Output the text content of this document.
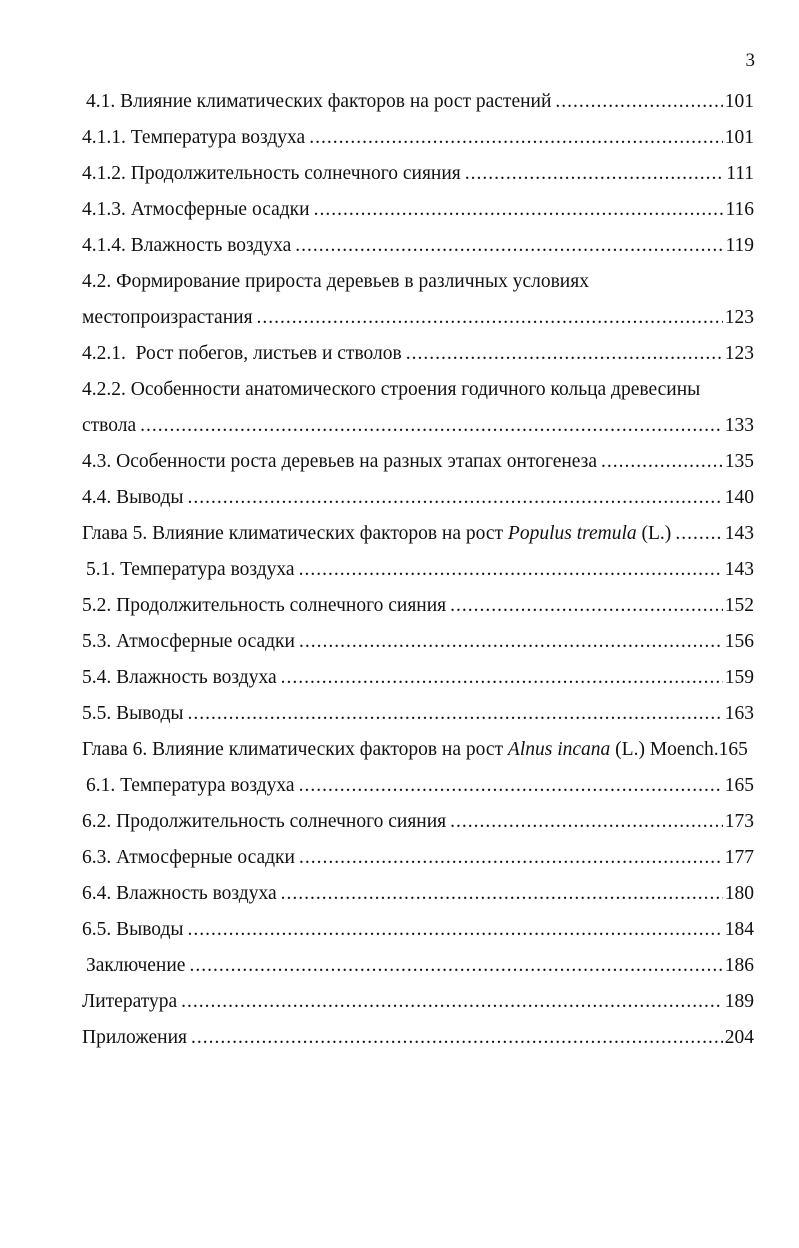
3
4.1. Влияние климатических факторов на рост растений .....	101
4.1.1. Температура воздуха .....	101
4.1.2. Продолжительность солнечного сияния .....	111
4.1.3. Атмосферные осадки .....	116
4.1.4. Влажность воздуха .....	119
4.2. Формирование прироста деревьев в различных условиях
местопроизрастания .....	123
4.2.1.  Рост побегов, листьев и стволов .....	123
4.2.2. Особенности анатомического строения годичного кольца древесины
ствола .....	133
4.3. Особенности роста деревьев на разных этапах онтогенеза .....	135
4.4. Выводы .....	140
Глава 5. Влияние климатических факторов на рост Populus tremula (L.) .....	143
5.1. Температура воздуха .....	143
5.2. Продолжительность солнечного сияния .....	152
5.3. Атмосферные осадки .....	156
5.4. Влажность воздуха .....	159
5.5. Выводы .....	163
Глава 6. Влияние климатических факторов на рост Alnus incana (L.) Moench. 165
6.1. Температура воздуха .....	165
6.2. Продолжительность солнечного сияния .....	173
6.3. Атмосферные осадки .....	177
6.4. Влажность воздуха .....	180
6.5. Выводы .....	184
Заключение .....	186
Литература .....	189
Приложения .....	204
